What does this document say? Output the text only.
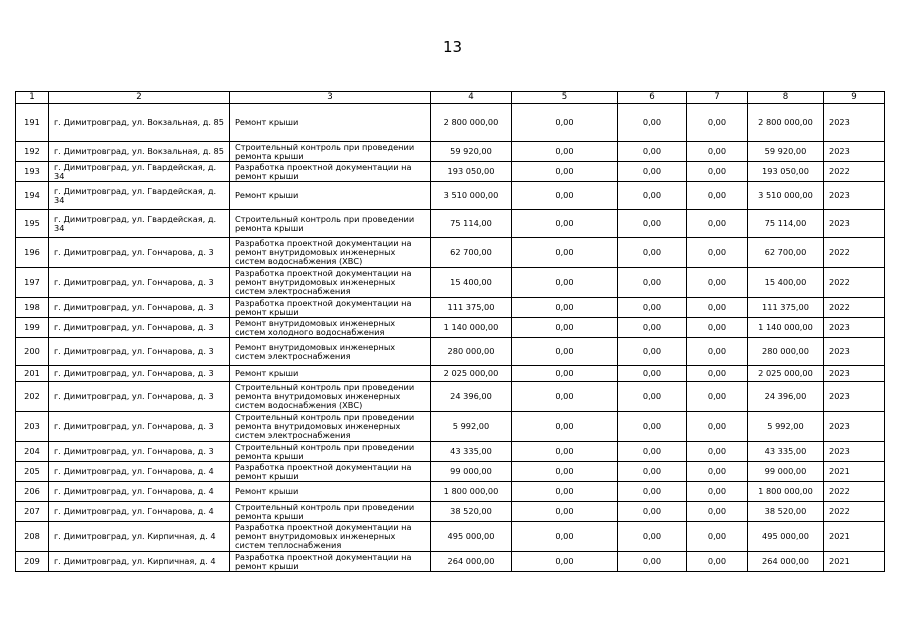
13
1	2	3	4	5	6	7	8	9
191	г. Димитровград, ул. Вокзальная, д. 85	Ремонт крыши	2 800 000,00	0,00	0,00	0,00	2 800 000,00	2023
192	г. Димитровград, ул. Вокзальная, д. 85	Строительный контроль при проведении ремонта крыши	59 920,00	0,00	0,00	0,00	59 920,00	2023
193	г. Димитровград, ул. Гвардейская, д. 34	Разработка проектной документации на ремонт крыши	193 050,00	0,00	0,00	0,00	193 050,00	2022
194	г. Димитровград, ул. Гвардейская, д. 34	Ремонт крыши	3 510 000,00	0,00	0,00	0,00	3 510 000,00	2023
195	г. Димитровград, ул. Гвардейская, д. 34	Строительный контроль при проведении ремонта крыши	75 114,00	0,00	0,00	0,00	75 114,00	2023
196	г. Димитровград, ул. Гончарова, д. 3	Разработка проектной документации на ремонт внутридомовых инженерных систем водоснабжения (ХВС)	62 700,00	0,00	0,00	0,00	62 700,00	2022
197	г. Димитровград, ул. Гончарова, д. 3	Разработка проектной документации на ремонт внутридомовых инженерных систем электроснабжения	15 400,00	0,00	0,00	0,00	15 400,00	2022
198	г. Димитровград, ул. Гончарова, д. 3	Разработка проектной документации на ремонт крыши	111 375,00	0,00	0,00	0,00	111 375,00	2022
199	г. Димитровград, ул. Гончарова, д. 3	Ремонт внутридомовых инженерных систем холодного водоснабжения	1 140 000,00	0,00	0,00	0,00	1 140 000,00	2023
200	г. Димитровград, ул. Гончарова, д. 3	Ремонт внутридомовых инженерных систем электроснабжения	280 000,00	0,00	0,00	0,00	280 000,00	2023
201	г. Димитровград, ул. Гончарова, д. 3	Ремонт крыши	2 025 000,00	0,00	0,00	0,00	2 025 000,00	2023
202	г. Димитровград, ул. Гончарова, д. 3	Строительный контроль при проведении ремонта внутридомовых инженерных систем водоснабжения (ХВС)	24 396,00	0,00	0,00	0,00	24 396,00	2023
203	г. Димитровград, ул. Гончарова, д. 3	Строительный контроль при проведении ремонта внутридомовых инженерных систем электроснабжения	5 992,00	0,00	0,00	0,00	5 992,00	2023
204	г. Димитровград, ул. Гончарова, д. 3	Строительный контроль при проведении ремонта крыши	43 335,00	0,00	0,00	0,00	43 335,00	2023
205	г. Димитровград, ул. Гончарова, д. 4	Разработка проектной документации на ремонт крыши	99 000,00	0,00	0,00	0,00	99 000,00	2021
206	г. Димитровград, ул. Гончарова, д. 4	Ремонт крыши	1 800 000,00	0,00	0,00	0,00	1 800 000,00	2022
207	г. Димитровград, ул. Гончарова, д. 4	Строительный контроль при проведении ремонта крыши	38 520,00	0,00	0,00	0,00	38 520,00	2022
208	г. Димитровград, ул. Кирпичная, д. 4	Разработка проектной документации на ремонт внутридомовых инженерных систем теплоснабжения	495 000,00	0,00	0,00	0,00	495 000,00	2021
209	г. Димитровград, ул. Кирпичная, д. 4	Разработка проектной документации на ремонт крыши	264 000,00	0,00	0,00	0,00	264 000,00	2021
